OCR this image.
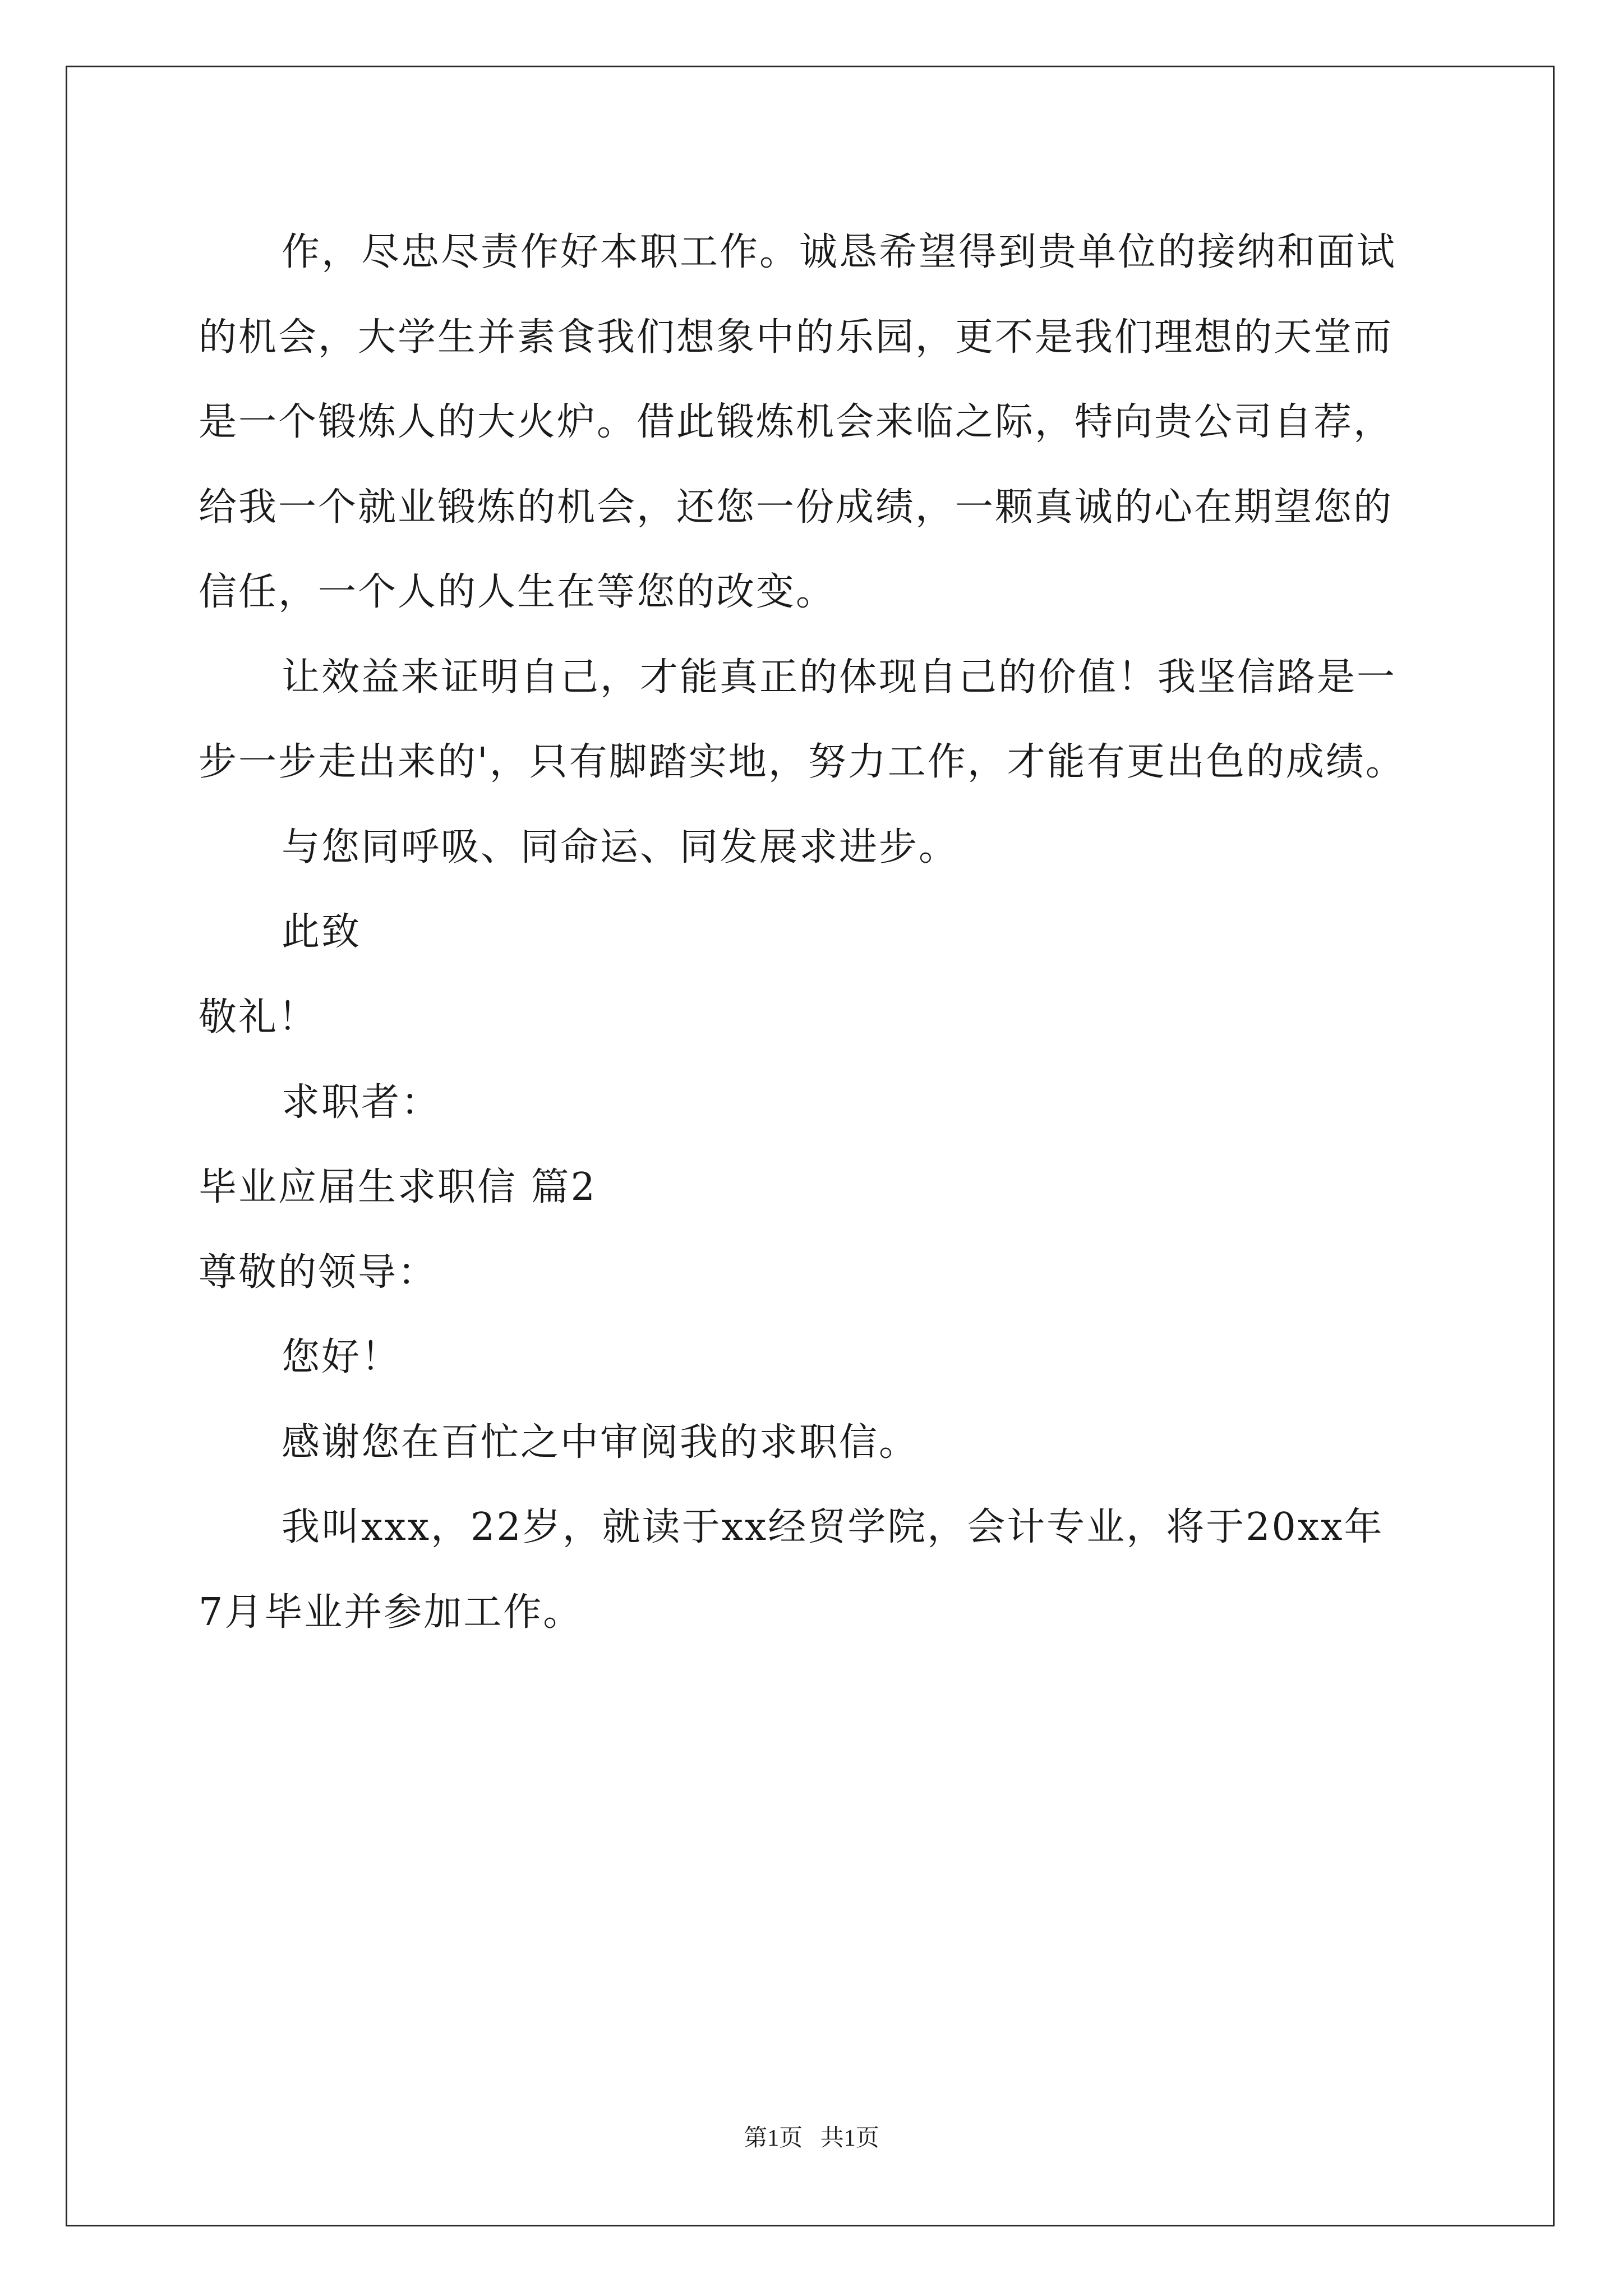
作，尽忠尽责作好本职工作。诚恳希望得到贵单位的接纳和面试
的机会，大学生并素食我们想象中的乐园，更不是我们理想的天堂而
是一个锻炼人的大火炉。借此锻炼机会来临之际，特向贵公司自荐，
给我一个就业锻炼的机会，还您一份成绩，一颗真诚的心在期望您的
信任，一个人的人生在等您的改变。
让效益来证明自己，才能真正的体现自己的价值！我坚信路是一
步一步走出来的'，只有脚踏实地，努力工作，才能有更出色的成绩。
与您同呼吸、同命运、同发展求进步。
此致
敬礼！
求职者：
毕业应届生求职信 篇2
尊敬的领导：
您好！
感谢您在百忙之中审阅我的求职信。
我叫xxx，22岁，就读于xx经贸学院，会计专业，将于20xx年
7月毕业并参加工作。
第1页   共1页
